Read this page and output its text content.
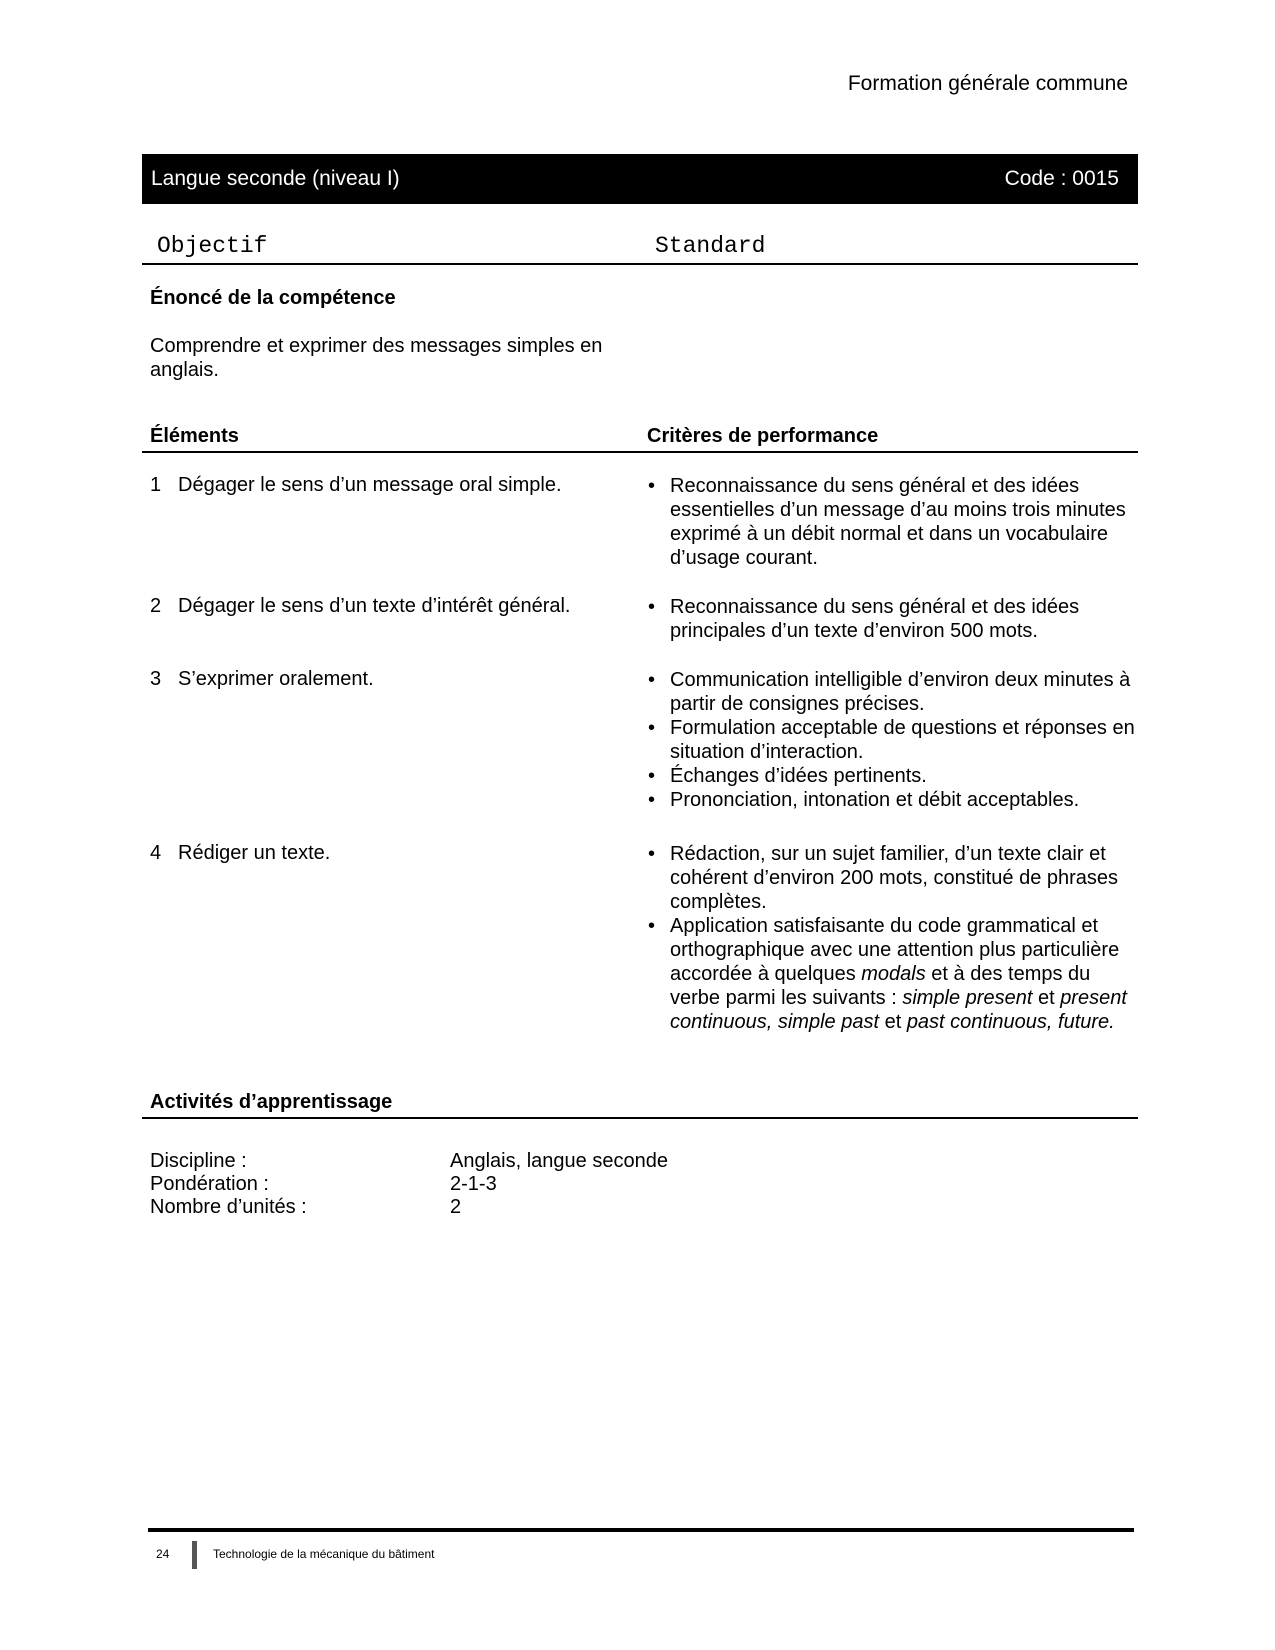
Formation générale commune
Langue seconde (niveau I)	Code : 0015
Objectif	Standard
Énoncé de la compétence
Comprendre et exprimer des messages simples en anglais.
Éléments	Critères de performance
1 Dégager le sens d’un message oral simple.	• Reconnaissance du sens général et des idées essentielles d’un message d’au moins trois minutes exprimé à un débit normal et dans un vocabulaire d’usage courant.
2 Dégager le sens d’un texte d’intérêt général.	• Reconnaissance du sens général et des idées principales d’un texte d’environ 500 mots.
3 S’exprimer oralement.	• Communication intelligible d’environ deux minutes à partir de consignes précises.
• Formulation acceptable de questions et réponses en situation d’interaction.
• Échanges d’idées pertinents.
• Prononciation, intonation et débit acceptables.
4 Rédiger un texte.	• Rédaction, sur un sujet familier, d’un texte clair et cohérent d’environ 200 mots, constitué de phrases complètes.
• Application satisfaisante du code grammatical et orthographique avec une attention plus particulière accordée à quelques modals et à des temps du verbe parmi les suivants : simple present et present continuous, simple past et past continuous, future.
Activités d’apprentissage
Discipline :	Anglais, langue seconde
Pondération :	2-1-3
Nombre d’unités :	2
24	Technologie de la mécanique du bâtiment
